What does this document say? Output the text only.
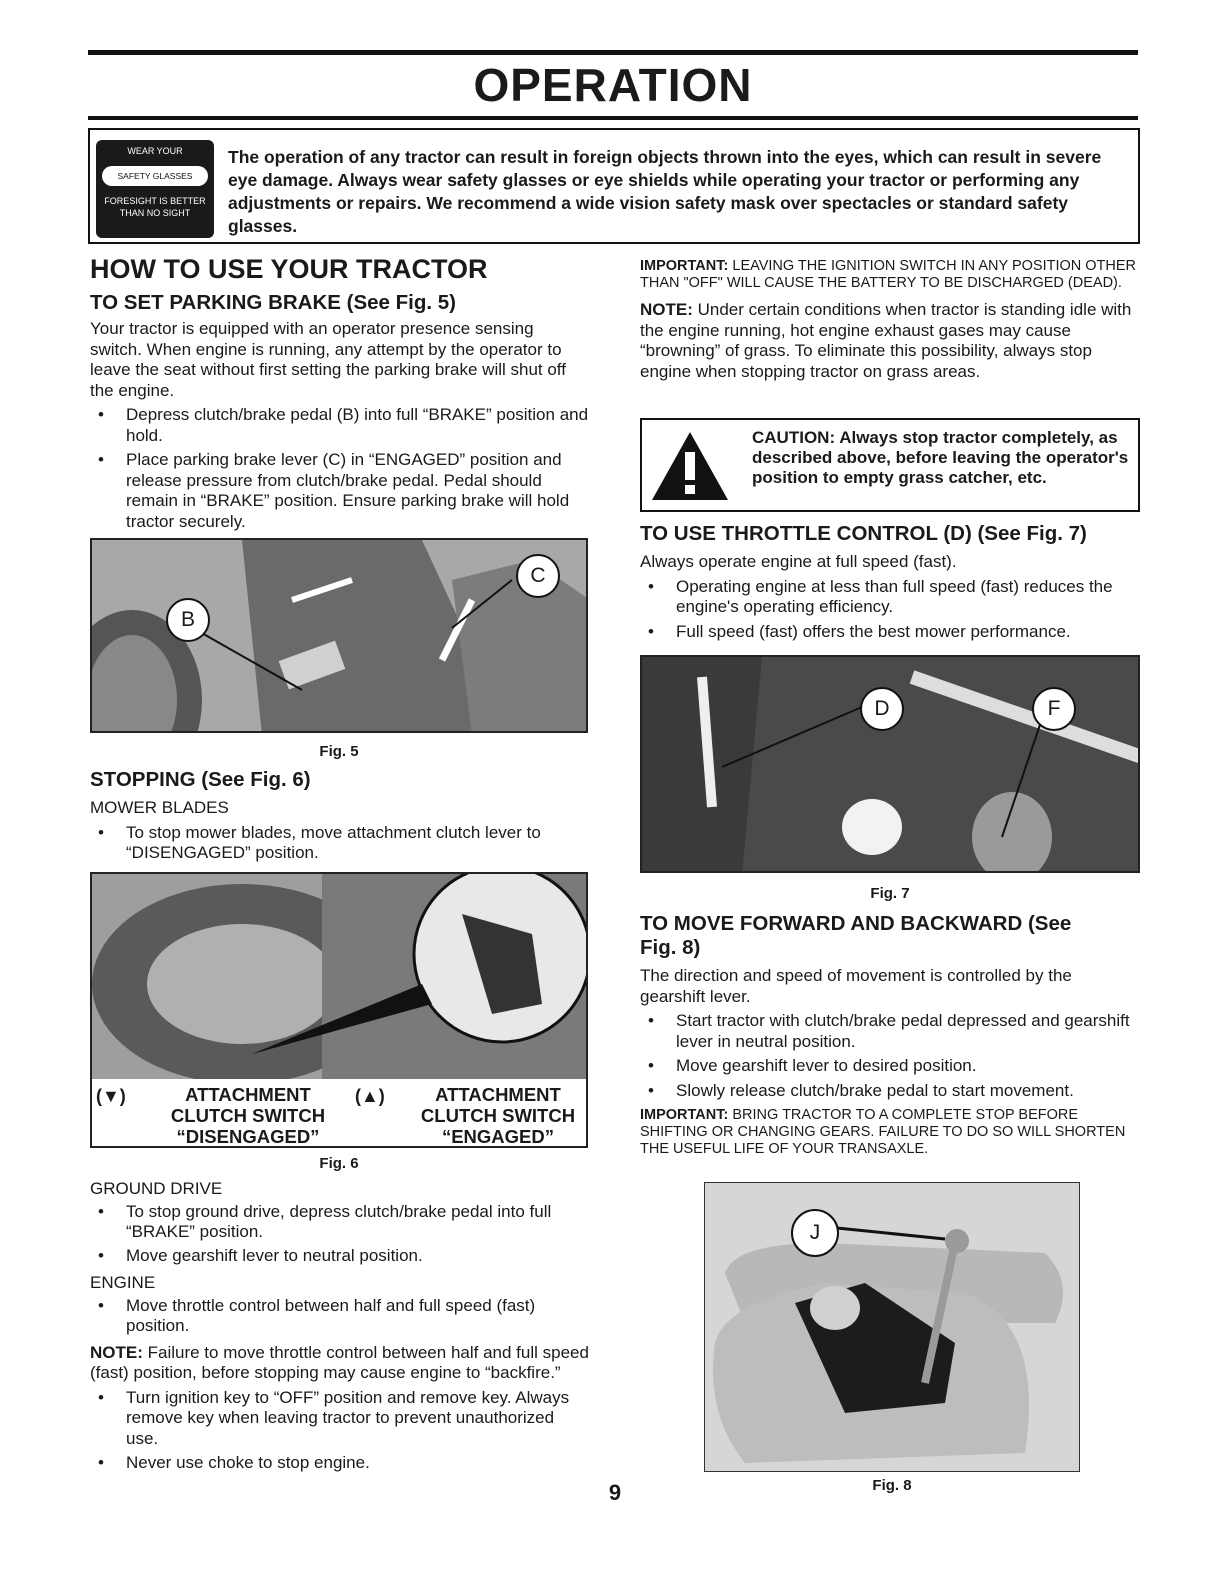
OPERATION
WEAR YOUR
SAFETY GLASSES
FORESIGHT IS BETTER
THAN NO SIGHT
The operation of any tractor can result in foreign objects thrown into the eyes, which can result in severe eye damage. Always wear safety glasses or eye shields while operating your tractor or performing any adjustments or repairs. We recommend a wide vision safety mask over spectacles or standard safety glasses.
HOW TO USE YOUR TRACTOR
TO SET PARKING BRAKE (See Fig. 5)

Your tractor is equipped with an operator presence sensing switch. When engine is running, any attempt by the operator to leave the seat without first setting the parking brake will shut off the engine.

• Depress clutch/brake pedal (B) into full “BRAKE” position and hold.
• Place parking brake lever (C) in “ENGAGED” position and release pressure from clutch/brake pedal. Pedal should remain in “BRAKE” position. Ensure parking brake will hold tractor securely.
B
C
Fig. 5
STOPPING (See Fig. 6)

MOWER BLADES

• To stop mower blades, move attachment clutch lever to “DISENGAGED” position.
(▼)	(▲)
ATTACHMENT
CLUTCH SWITCH
“DISENGAGED”
ATTACHMENT
CLUTCH SWITCH
“ENGAGED”
Fig. 6

GROUND DRIVE

• To stop ground drive, depress clutch/brake pedal into full “BRAKE” position.
• Move gearshift lever to neutral position.

ENGINE

• Move throttle control between half and full speed (fast) position.

NOTE: Failure to move throttle control between half and full speed (fast) position, before stopping may cause engine to “backfire.”

• Turn ignition key to “OFF” position and remove key. Always remove key when leaving tractor to prevent unauthorized use.
• Never use choke to stop engine.

IMPORTANT: LEAVING THE IGNITION SWITCH IN ANY POSITION OTHER THAN "OFF" WILL CAUSE THE BATTERY TO BE DISCHARGED (DEAD).

NOTE: Under certain conditions when tractor is standing idle with the engine running, hot engine exhaust gases may cause “browning” of grass. To eliminate this possibility, always stop engine when stopping tractor on grass areas.

CAUTION: Always stop tractor completely, as described above, before leaving the operator's position to empty grass catcher, etc.
TO USE THROTTLE CONTROL (D) (See Fig. 7)

Always operate engine at full speed (fast).

• Operating engine at less than full speed (fast) reduces the engine's operating efficiency.
• Full speed (fast) offers the best mower performance.
D	F
Fig. 7
TO MOVE FORWARD AND BACKWARD (See Fig. 8)

The direction and speed of movement is controlled by the gearshift lever.

• Start tractor with clutch/brake pedal depressed and gearshift lever in neutral position.
• Move gearshift lever to desired position.
• Slowly release clutch/brake pedal to start movement.

IMPORTANT: BRING TRACTOR TO A COMPLETE STOP BEFORE SHIFTING OR CHANGING GEARS. FAILURE TO DO SO WILL SHORTEN THE USEFUL LIFE OF YOUR TRANSAXLE.

J
Fig. 8
9
